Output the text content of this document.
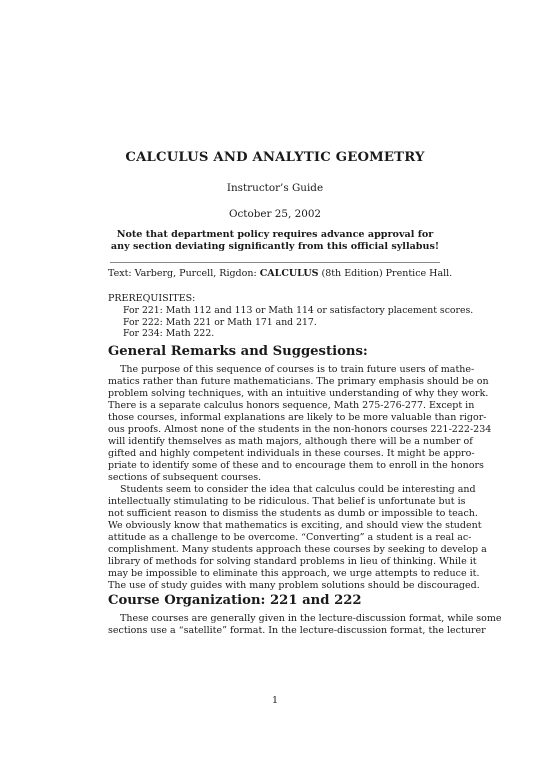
CALCULUS AND ANALYTIC GEOMETRY
Instructor’s Guide
October 25, 2002
Note that department policy requires advance approval for
any section deviating significantly from this official syllabus!
Text: Varberg, Purcell, Rigdon: CALCULUS (8th Edition) Prentice Hall.
PREREQUISITES:
For 221: Math 112 and 113 or Math 114 or satisfactory placement scores.
For 222: Math 221 or Math 171 and 217.
For 234: Math 222.
General Remarks and Suggestions:
The purpose of this sequence of courses is to train future users of mathe-
matics rather than future mathematicians. The primary emphasis should be on
problem solving techniques, with an intuitive understanding of why they work.
There is a separate calculus honors sequence, Math 275-276-277. Except in
those courses, informal explanations are likely to be more valuable than rigor-
ous proofs. Almost none of the students in the non-honors courses 221-222-234
will identify themselves as math majors, although there will be a number of
gifted and highly competent individuals in these courses. It might be appro-
priate to identify some of these and to encourage them to enroll in the honors
sections of subsequent courses.
Students seem to consider the idea that calculus could be interesting and
intellectually stimulating to be ridiculous. That belief is unfortunate but is
not sufficient reason to dismiss the students as dumb or impossible to teach.
We obviously know that mathematics is exciting, and should view the student
attitude as a challenge to be overcome. “Converting” a student is a real ac-
complishment. Many students approach these courses by seeking to develop a
library of methods for solving standard problems in lieu of thinking. While it
may be impossible to eliminate this approach, we urge attempts to reduce it.
The use of study guides with many problem solutions should be discouraged.
Course Organization: 221 and 222
These courses are generally given in the lecture-discussion format, while some
sections use a “satellite” format. In the lecture-discussion format, the lecturer
1
